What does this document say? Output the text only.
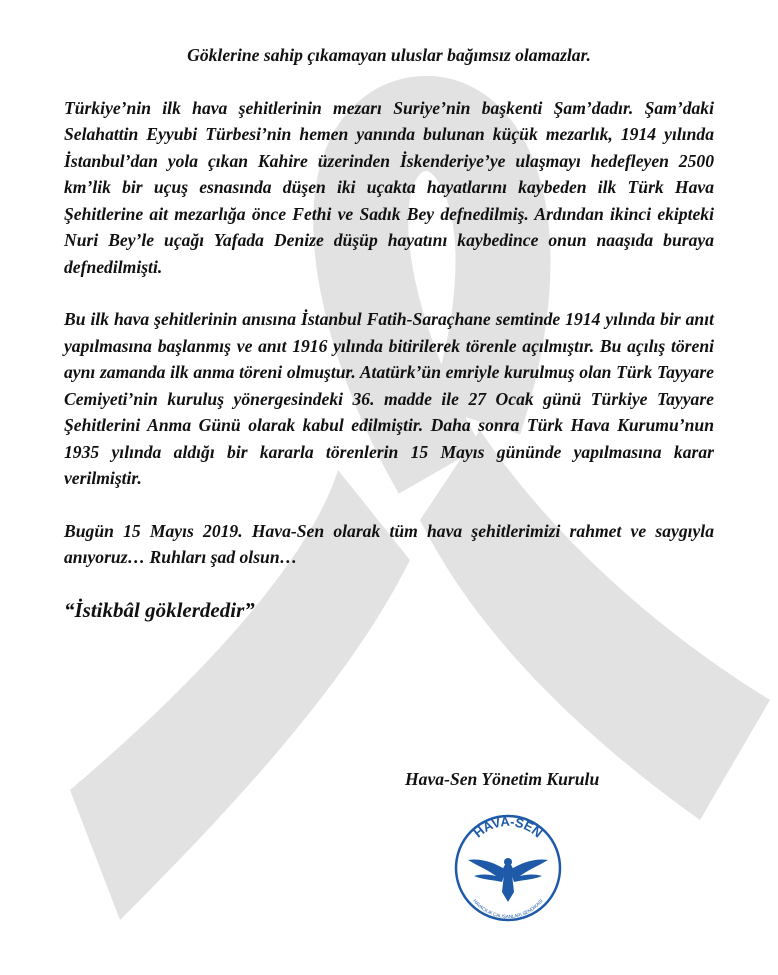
Göklerine sahip çıkamayan uluslar bağımsız olamazlar.

Türkiye’nin ilk hava şehitlerinin mezarı Suriye’nin başkenti Şam’dadır. Şam’daki Selahattin Eyyubi Türbesi’nin hemen yanında bulunan küçük mezarlık, 1914 yılında İstanbul’dan yola çıkan Kahire üzerinden İskenderiye’ye ulaşmayı hedefleyen 2500 km’lik bir uçuş esnasında düşen iki uçakta hayatlarını kaybeden ilk Türk Hava Şehitlerine ait mezarlığa önce Fethi ve Sadık Bey defnedilmiş. Ardından ikinci ekipteki Nuri Bey’le uçağı Yafada Denize düşüp hayatını kaybedince onun naaşıda buraya defnedilmişti.

Bu ilk hava şehitlerinin anısına İstanbul Fatih-Saraçhane semtinde 1914 yılında bir anıt yapılmasına başlanmış ve anıt 1916 yılında bitirilerek törenle açılmıştır. Bu açılış töreni aynı zamanda ilk anma töreni olmuştur. Atatürk’ün emriyle kurulmuş olan Türk Tayyare Cemiyeti’nin kuruluş yönergesindeki 36. madde ile 27 Ocak günü Türkiye Tayyare Şehitlerini Anma Günü olarak kabul edilmiştir. Daha sonra Türk Hava Kurumu’nun 1935 yılında aldığı bir kararla törenlerin 15 Mayıs gününde yapılmasına karar verilmiştir.

Bugün 15 Mayıs 2019. Hava-Sen olarak tüm hava şehitlerimizi rahmet ve saygıyla anıyoruz… Ruhları şad olsun…

“İstikbâl göklerdedir”

Hava-Sen Yönetim Kurulu
HAVA-SEN
HAVACILIK ÇALIŞANLARI SENDİKASI
